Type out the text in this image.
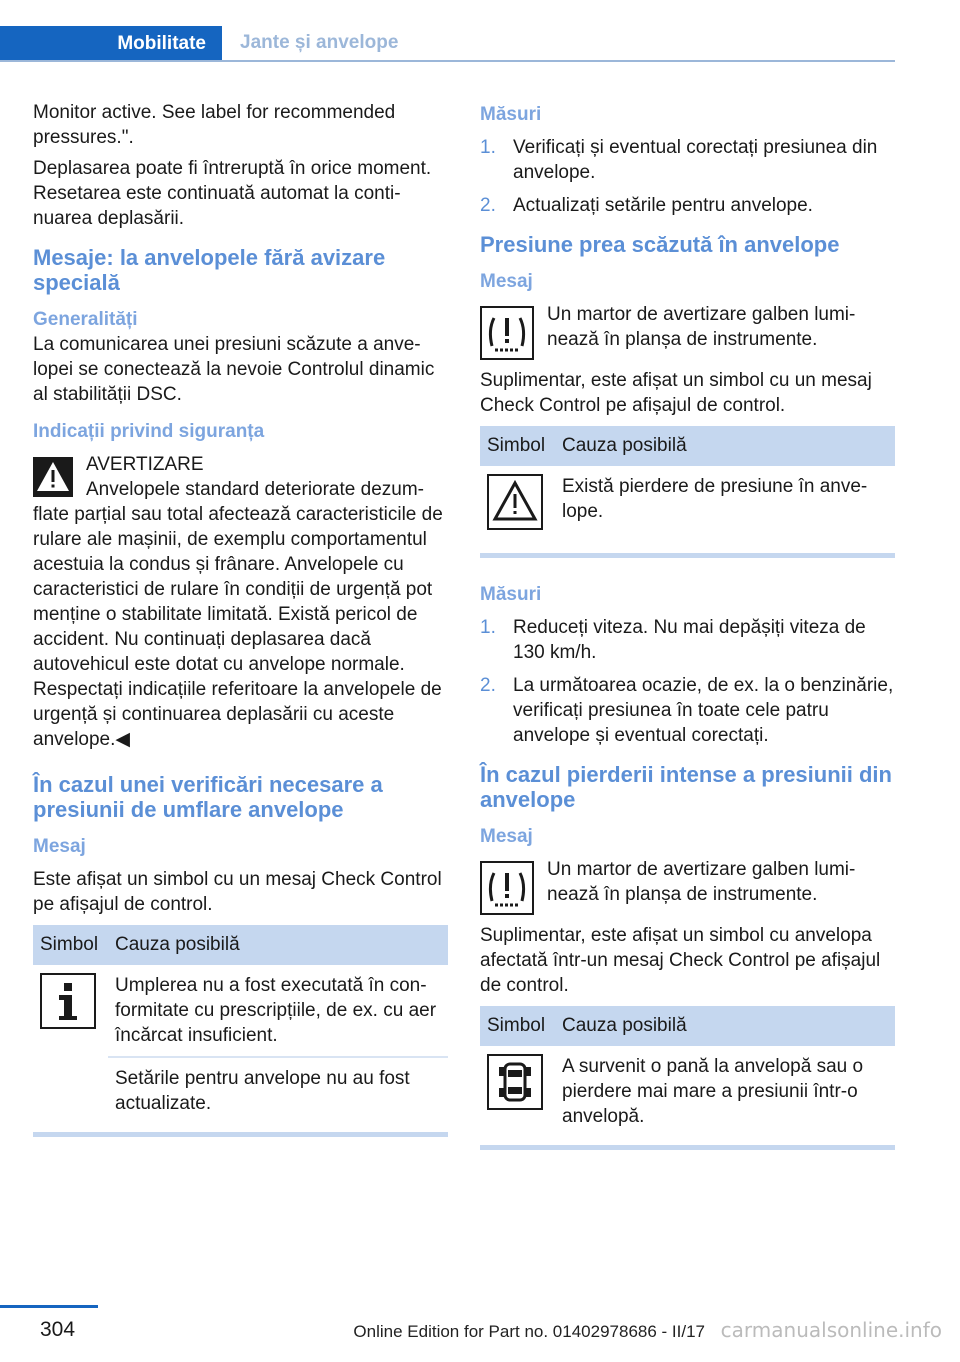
Mobilitate	Jante și anvelope

Monitor active. See label for recommended pressures.".

Deplasarea poate fi întreruptă în orice moment. Resetarea este continuată automat la continuarea deplasării.

Mesaje: la anvelopele fără avizare specială
Generalități

La comunicarea unei presiuni scăzute a anvelopei se conectează la nevoie Controlul dinamic al stabilității DSC.

Indicații privind siguranța

AVERTIZARE

Anvelopele standard deteriorate dezumflate parțial sau total afectează caracteristicile de rulare ale mașinii, de exemplu comportamentul acestuia la condus și frânare. Anvelopele cu caracteristici de rulare în condiții de urgență pot menține o stabilitate limitată. Există pericol de accident. Nu continuați deplasarea dacă autovehicul este dotat cu anvelope normale. Respectați indicațiile referitoare la anvelopele de urgență și continuarea deplasării cu aceste anvelope.◀

În cazul unei verificări necesare a presiunii de umflare anvelope
Mesaj

Este afișat un simbol cu un mesaj Check Control pe afișajul de control.

Simbol	Cauza posibilă
	Umplerea nu a fost executată în conformitate cu prescripțiile, de ex. cu aer încărcat insuficient.
	Setările pentru anvelope nu au fost actualizate.
Măsuri
1. Verificați și eventual corectați presiunea din anvelope.
2. Actualizați setările pentru anvelope.
Presiune prea scăzută în anvelope
Mesaj

Un martor de avertizare galben luminează în planșa de instrumente.

Suplimentar, este afișat un simbol cu un mesaj Check Control pe afișajul de control.

Simbol	Cauza posibilă
	Există pierdere de presiune în anvelope.
Măsuri
1. Reduceți viteza. Nu mai depășiți viteza de 130 km/h.
2. La următoarea ocazie, de ex. la o benzinărie, verificați presiunea în toate cele patru anvelope și eventual corectați.
În cazul pierderii intense a presiunii din anvelope
Mesaj

Un martor de avertizare galben luminează în planșa de instrumente.

Suplimentar, este afișat un simbol cu anvelopa afectată într-un mesaj Check Control pe afișajul de control.

Simbol	Cauza posibilă
	A survenit o pană la anvelopă sau o pierdere mai mare a presiunii într-o anvelopă.
304	Online Edition for Part no. 01402978686 - II/17 carmanualsonline.info
